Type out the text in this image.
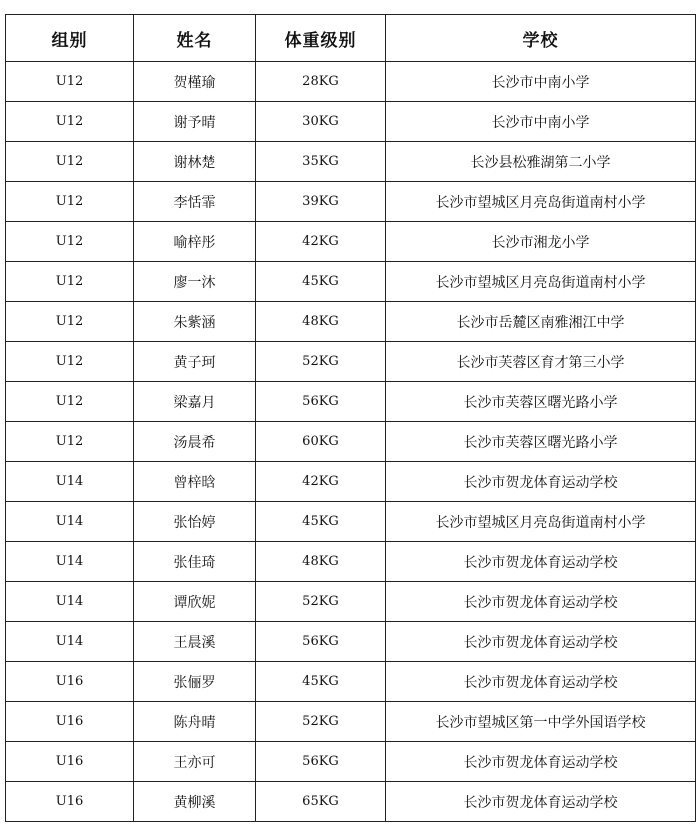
组别	姓名	体重级别	学校
U12	贺槿瑜	28KG	长沙市中南小学
U12	谢予晴	30KG	长沙市中南小学
U12	谢林楚	35KG	长沙县松雅湖第二小学
U12	李恬霏	39KG	长沙市望城区月亮岛街道南村小学
U12	喻梓彤	42KG	长沙市湘龙小学
U12	廖一沐	45KG	长沙市望城区月亮岛街道南村小学
U12	朱紫涵	48KG	长沙市岳麓区南雅湘江中学
U12	黄子珂	52KG	长沙市芙蓉区育才第三小学
U12	梁嘉月	56KG	长沙市芙蓉区曙光路小学
U12	汤晨希	60KG	长沙市芙蓉区曙光路小学
U14	曾梓晗	42KG	长沙市贺龙体育运动学校
U14	张怡婷	45KG	长沙市望城区月亮岛街道南村小学
U14	张佳琦	48KG	长沙市贺龙体育运动学校
U14	谭欣妮	52KG	长沙市贺龙体育运动学校
U14	王晨溪	56KG	长沙市贺龙体育运动学校
U16	张俪罗	45KG	长沙市贺龙体育运动学校
U16	陈舟晴	52KG	长沙市望城区第一中学外国语学校
U16	王亦可	56KG	长沙市贺龙体育运动学校
U16	黄柳溪	65KG	长沙市贺龙体育运动学校
